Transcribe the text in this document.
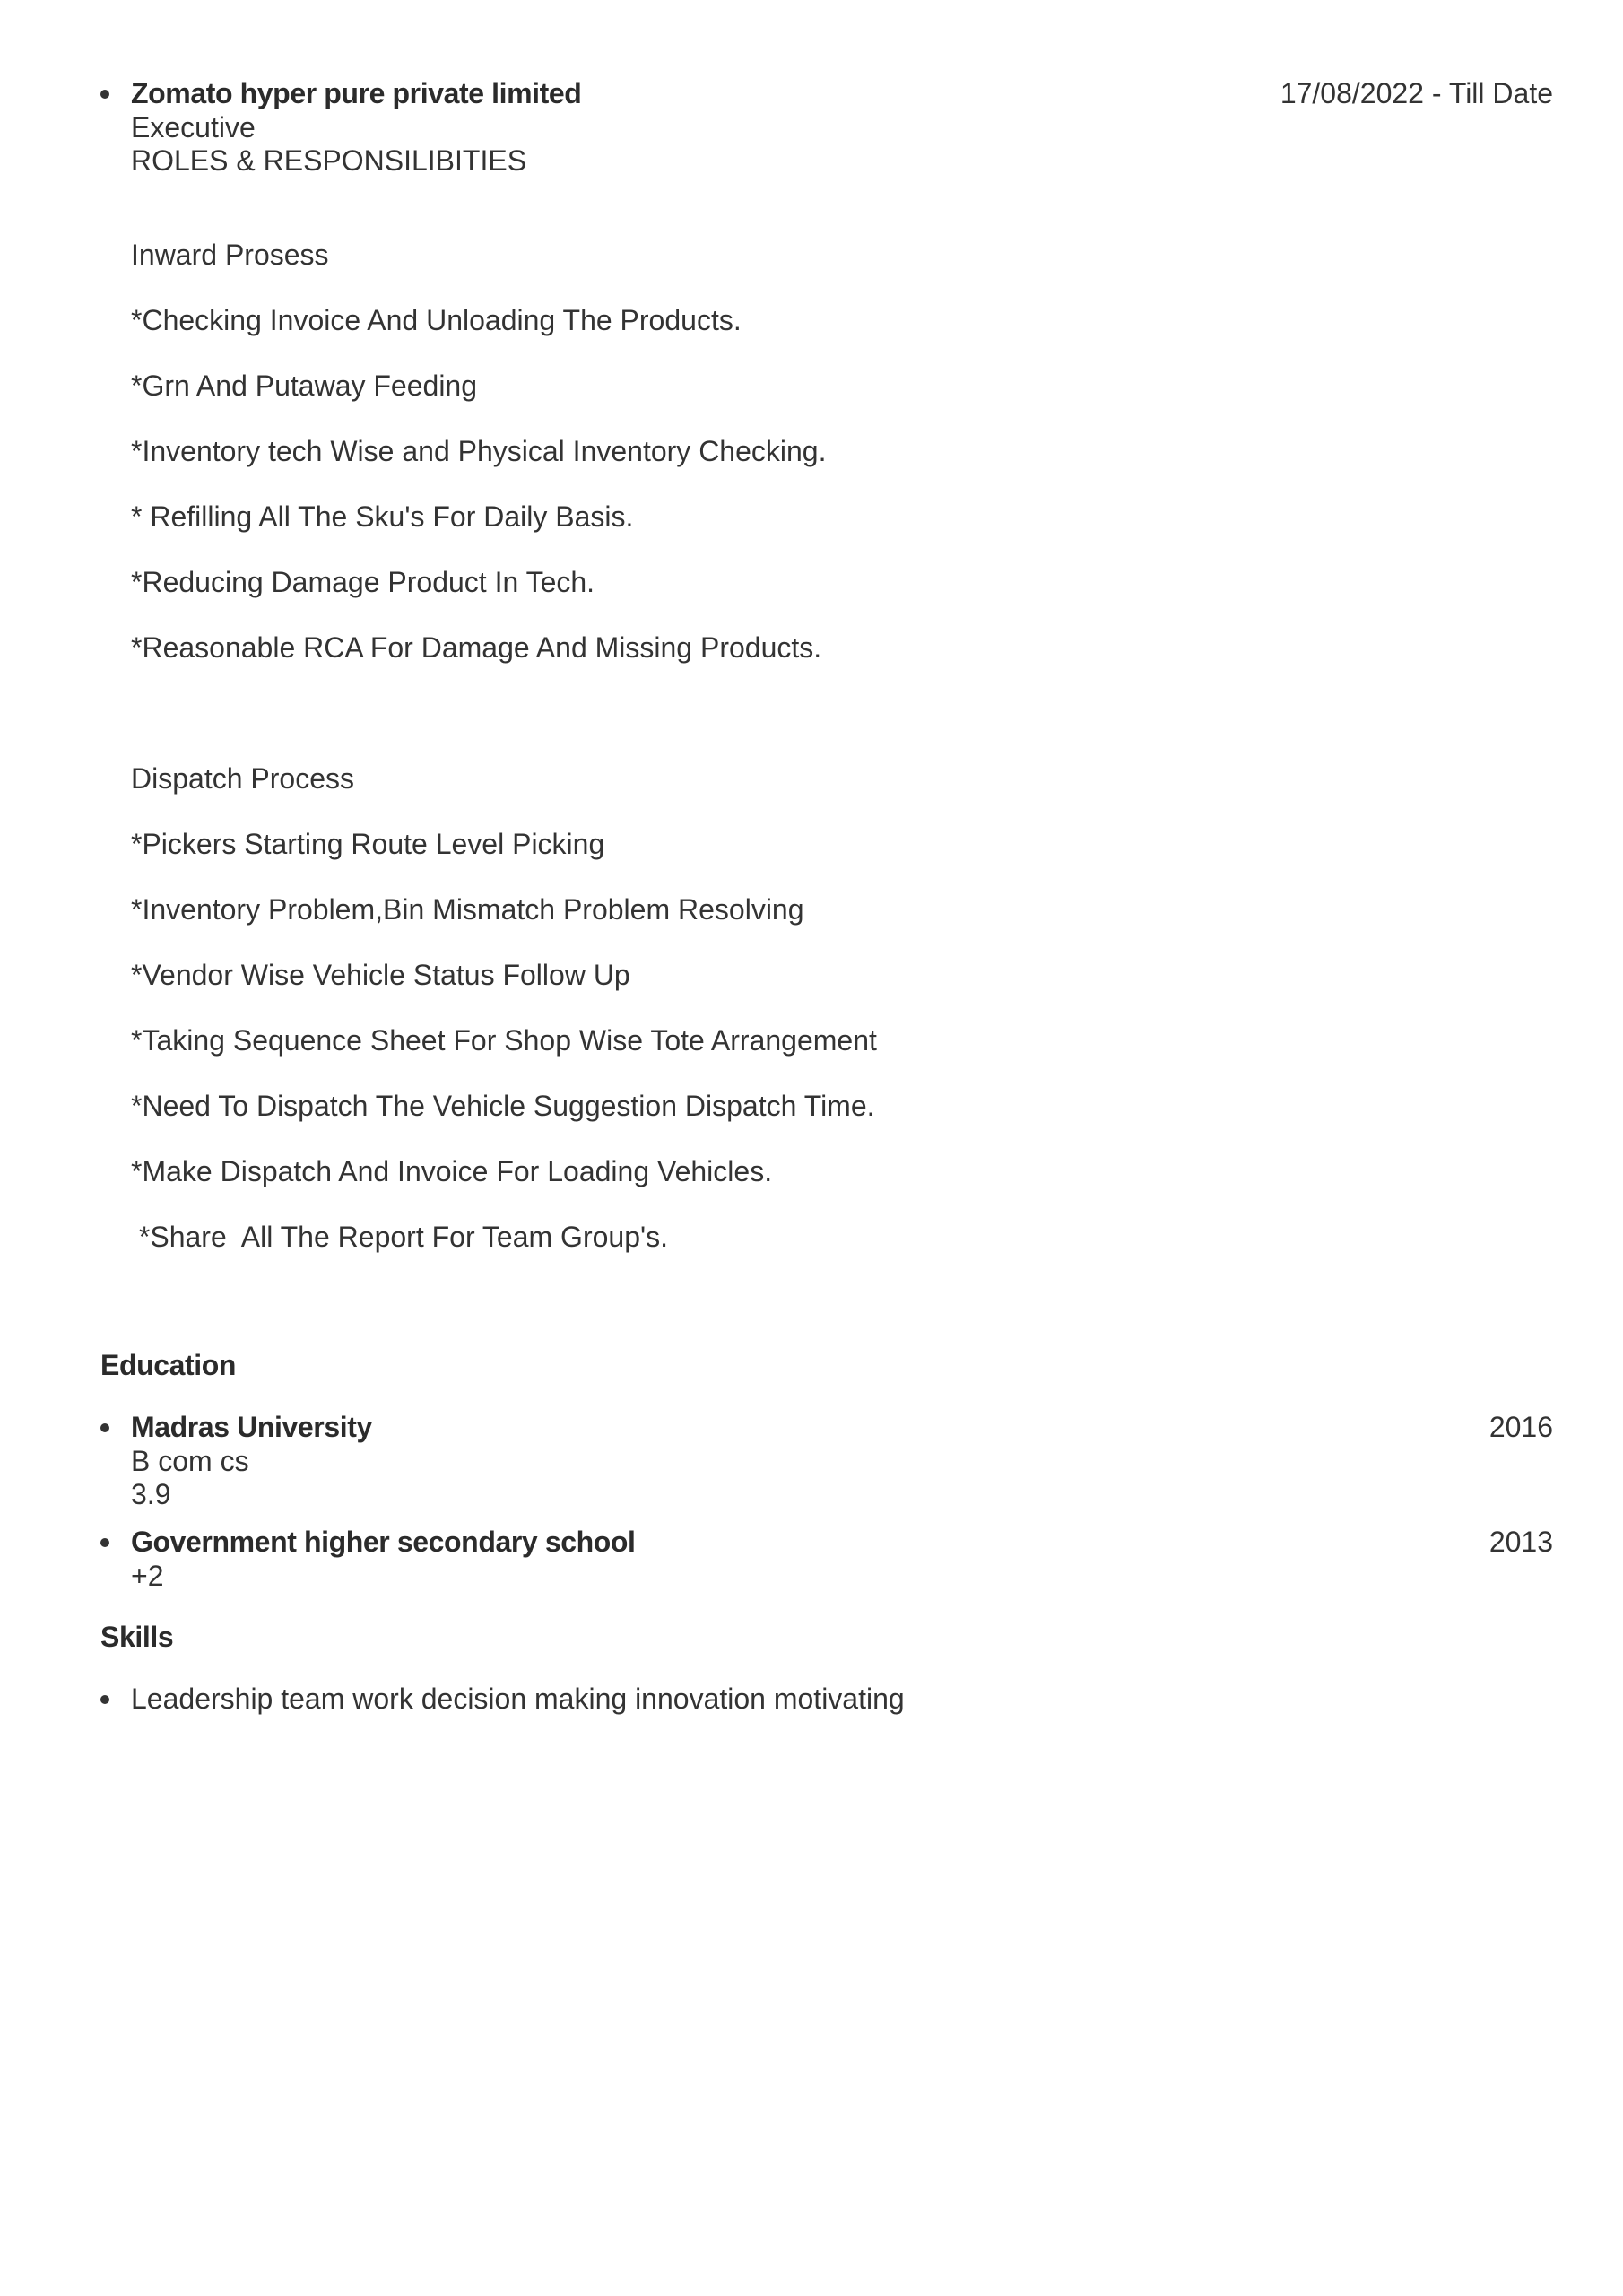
Zomato hyper pure private limited	17/08/2022 - Till Date
Executive
ROLES & RESPONSILIBITIES
Inward Prosess
*Checking Invoice And Unloading The Products.
*Grn And Putaway Feeding
*Inventory tech Wise and Physical Inventory Checking.
* Refilling All The Sku's For Daily Basis.
*Reducing Damage Product In Tech.
*Reasonable RCA For Damage And Missing Products.
Dispatch Process
*Pickers Starting Route Level Picking
*Inventory Problem,Bin Mismatch Problem Resolving
*Vendor Wise Vehicle Status Follow Up
*Taking Sequence Sheet For Shop Wise Tote Arrangement
*Need To Dispatch The Vehicle Suggestion Dispatch Time.
*Make Dispatch And Invoice For Loading Vehicles.
*Share  All The Report For Team Group's.
Education
Madras University	2016
B com cs
3.9
Government higher secondary school	2013
+2
Skills
Leadership team work decision making innovation motivating
